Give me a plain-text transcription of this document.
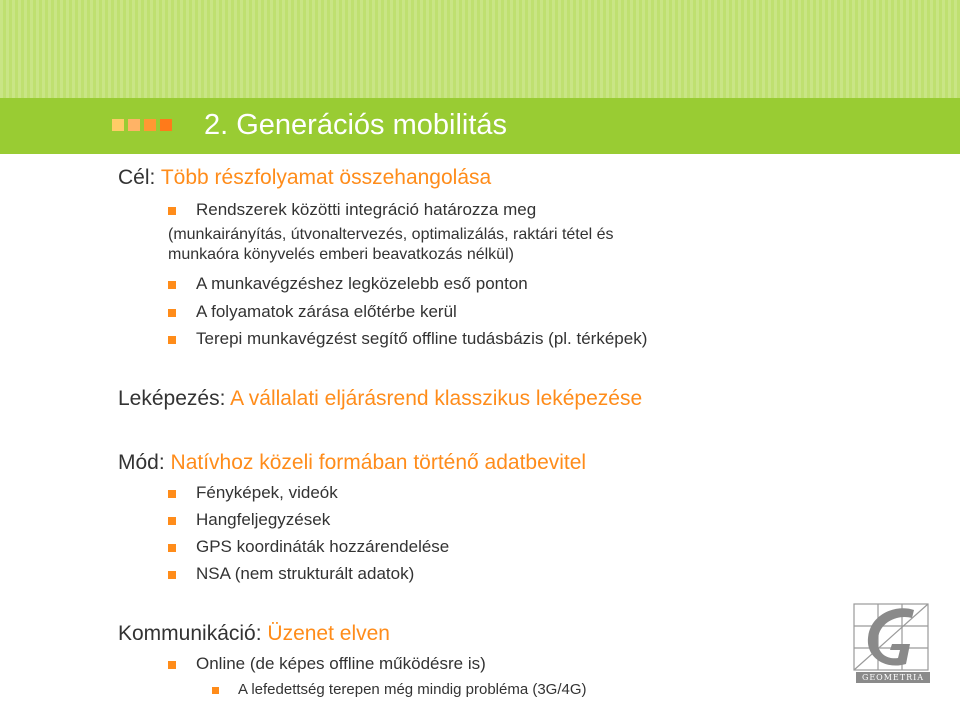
2. Generációs mobilitás
Cél: Több részfolyamat összehangolása
Rendszerek közötti integráció határozza meg
(munkairányítás, útvonaltervezés, optimalizálás, raktári tétel és
munkaóra könyvelés emberi beavatkozás nélkül)
A munkavégzéshez legközelebb eső ponton
A folyamatok zárása előtérbe kerül
Terepi munkavégzést segítő offline tudásbázis (pl. térképek)
Leképezés: A vállalati eljárásrend klasszikus leképezése
Mód: Natívhoz közeli formában történő adatbevitel
Fényképek, videók
Hangfeljegyzések
GPS koordináták hozzárendelése
NSA (nem strukturált adatok)
Kommunikáció: Üzenet elven
Online (de képes offline működésre is)
A lefedettség terepen még mindig probléma (3G/4G)
GEOMETRIA
